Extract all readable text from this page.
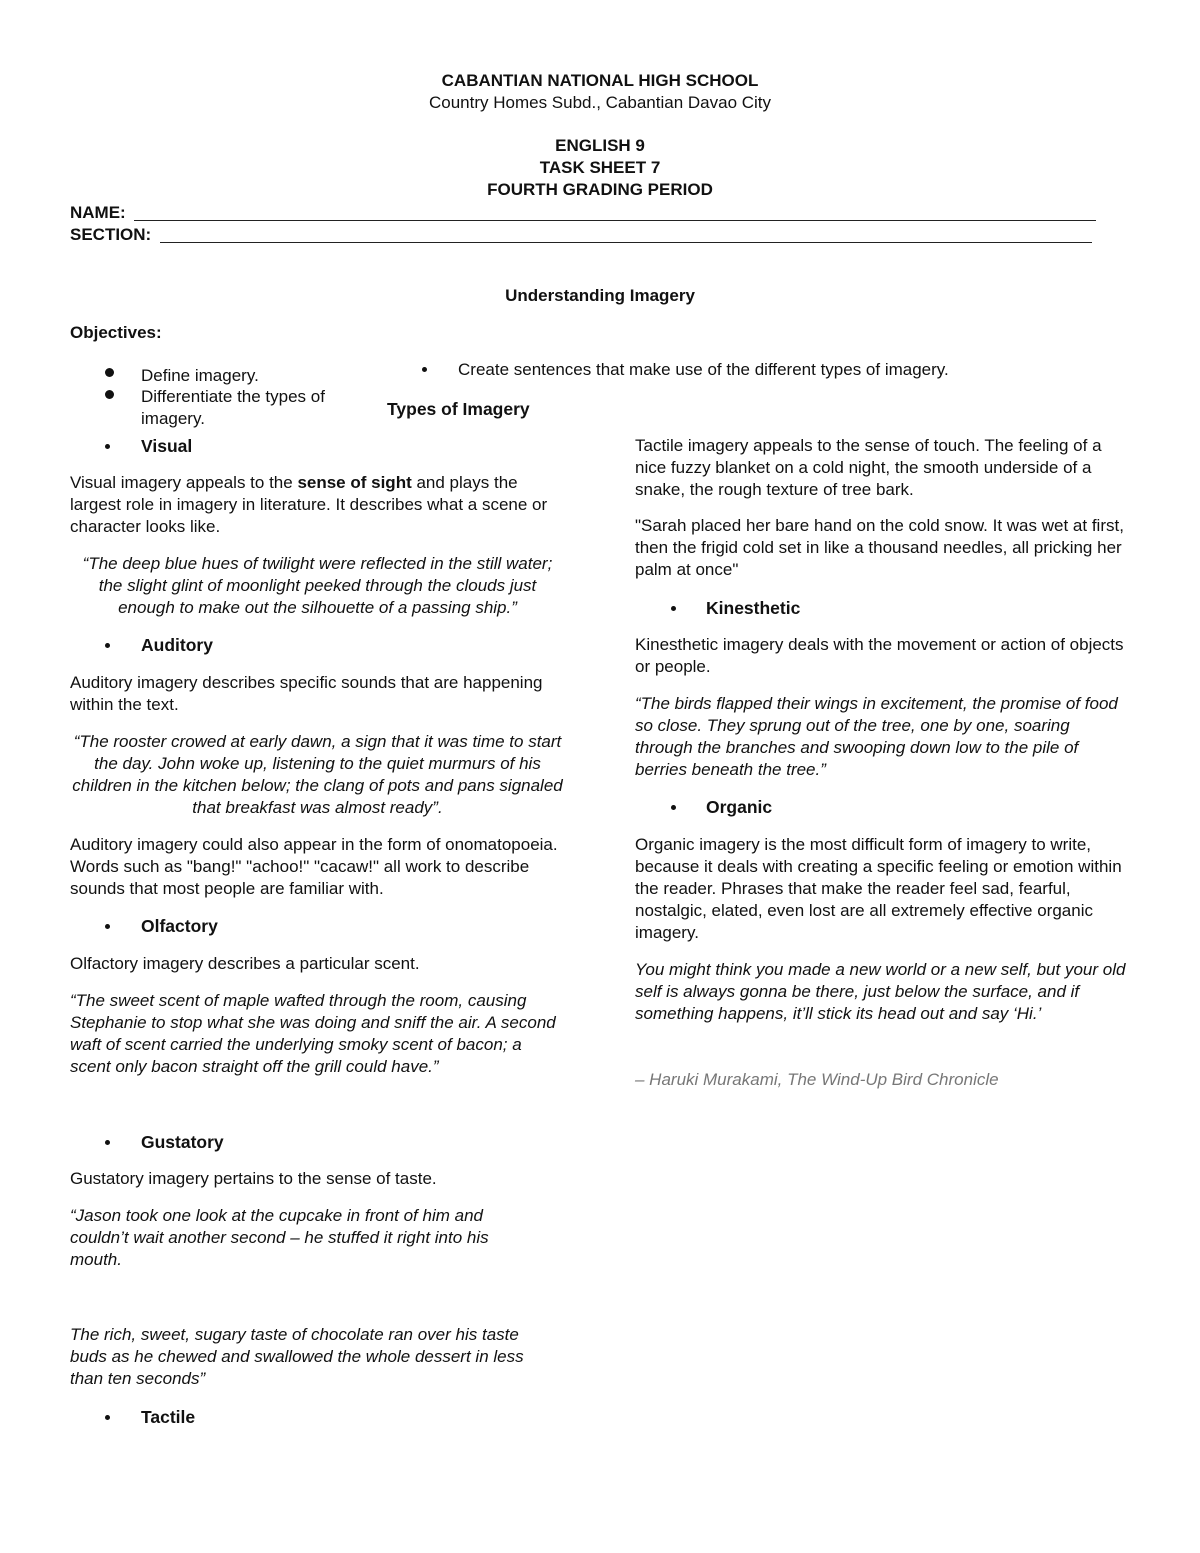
CABANTIAN NATIONAL HIGH SCHOOL
Country Homes Subd., Cabantian Davao City
ENGLISH 9
TASK SHEET 7
FOURTH GRADING PERIOD
NAME:
SECTION:
Understanding Imagery
Objectives:
Define imagery.
Differentiate the types of imagery.
Create sentences that make use of the different types of imagery.
Types of Imagery
Visual
Visual imagery appeals to the sense of sight and plays the largest role in imagery in literature. It describes what a scene or character looks like.
“The deep blue hues of twilight were reflected in the still water; the slight glint of moonlight peeked through the clouds just enough to make out the silhouette of a passing ship.”
Auditory
Auditory imagery describes specific sounds that are happening within the text.
“The rooster crowed at early dawn, a sign that it was time to start the day. John woke up, listening to the quiet murmurs of his children in the kitchen below; the clang of pots and pans signaled that breakfast was almost ready”.
Auditory imagery could also appear in the form of onomatopoeia. Words such as "bang!" "achoo!" "cacaw!" all work to describe sounds that most people are familiar with.
Olfactory
Olfactory imagery describes a particular scent.
“The sweet scent of maple wafted through the room, causing Stephanie to stop what she was doing and sniff the air. A second waft of scent carried the underlying smoky scent of bacon; a scent only bacon straight off the grill could have.”
Gustatory
Gustatory imagery pertains to the sense of taste.
“Jason took one look at the cupcake in front of him and couldn’t wait another second – he stuffed it right into his mouth.
The rich, sweet, sugary taste of chocolate ran over his taste buds as he chewed and swallowed the whole dessert in less than ten seconds”
Tactile
Tactile imagery appeals to the sense of touch. The feeling of a nice fuzzy blanket on a cold night, the smooth underside of a snake, the rough texture of tree bark.
"Sarah placed her bare hand on the cold snow. It was wet at first, then the frigid cold set in like a thousand needles, all pricking her palm at once"
Kinesthetic
Kinesthetic imagery deals with the movement or action of objects or people.
“The birds flapped their wings in excitement, the promise of food so close. They sprung out of the tree, one by one, soaring through the branches and swooping down low to the pile of berries beneath the tree.”
Organic
Organic imagery is the most difficult form of imagery to write, because it deals with creating a specific feeling or emotion within the reader. Phrases that make the reader feel sad, fearful, nostalgic, elated, even lost are all extremely effective organic imagery.
You might think you made a new world or a new self, but your old self is always gonna be there, just below the surface, and if something happens, it’ll stick its head out and say ‘Hi.’
– Haruki Murakami, The Wind-Up Bird Chronicle
